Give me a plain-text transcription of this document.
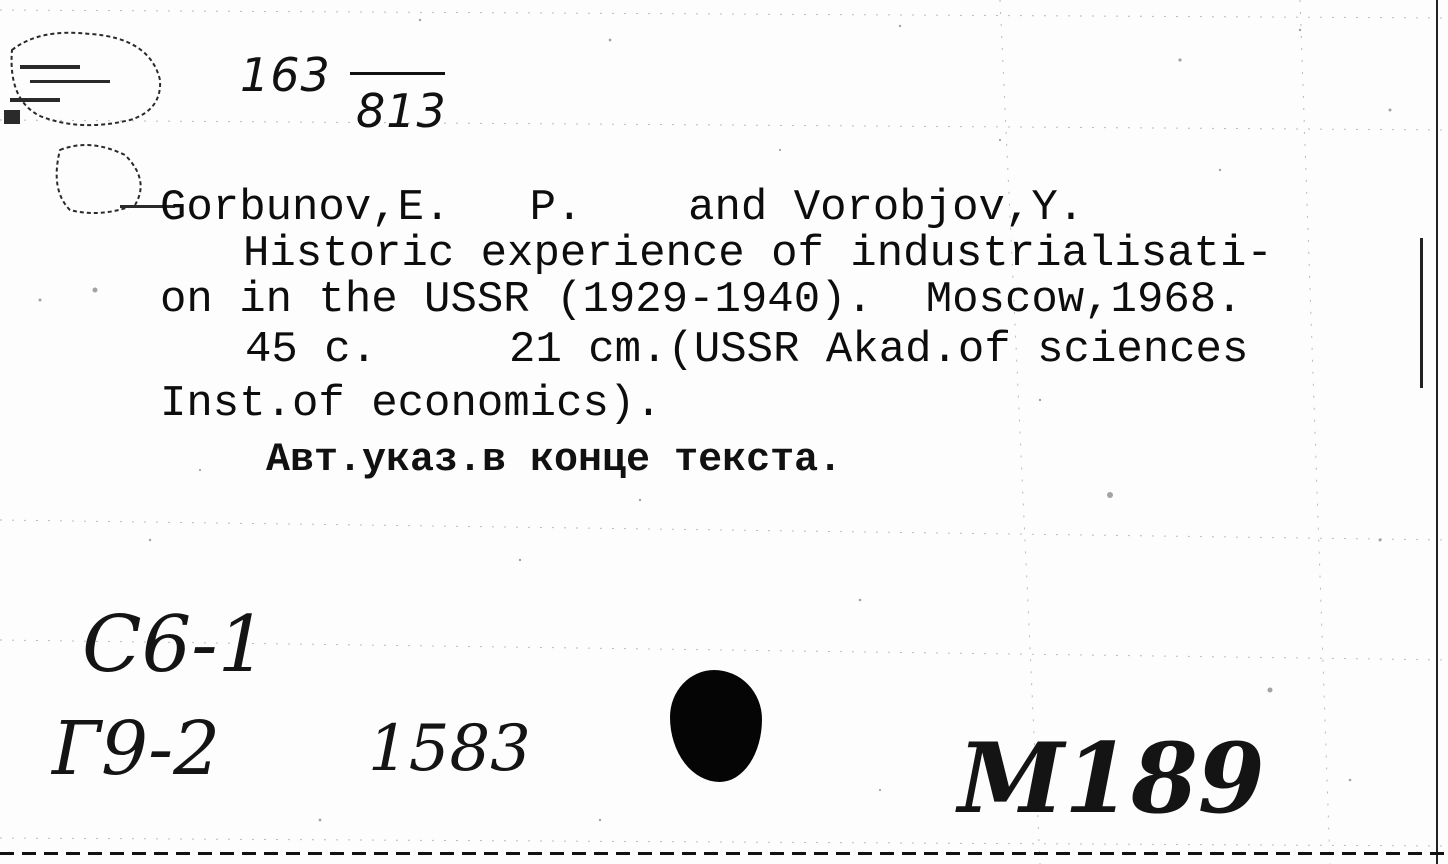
163
813
Gorbunov,E.   P.    and Vorobjov,Y.
Historic experience of industrialisati-
on in the USSR (1929-1940).  Moscow,1968.
45 c.     21 cm.(USSR Akad.of sciences
Inst.of economics).
Авт.указ.в конце текста.
С6-1
Г9-2 1583	M189
